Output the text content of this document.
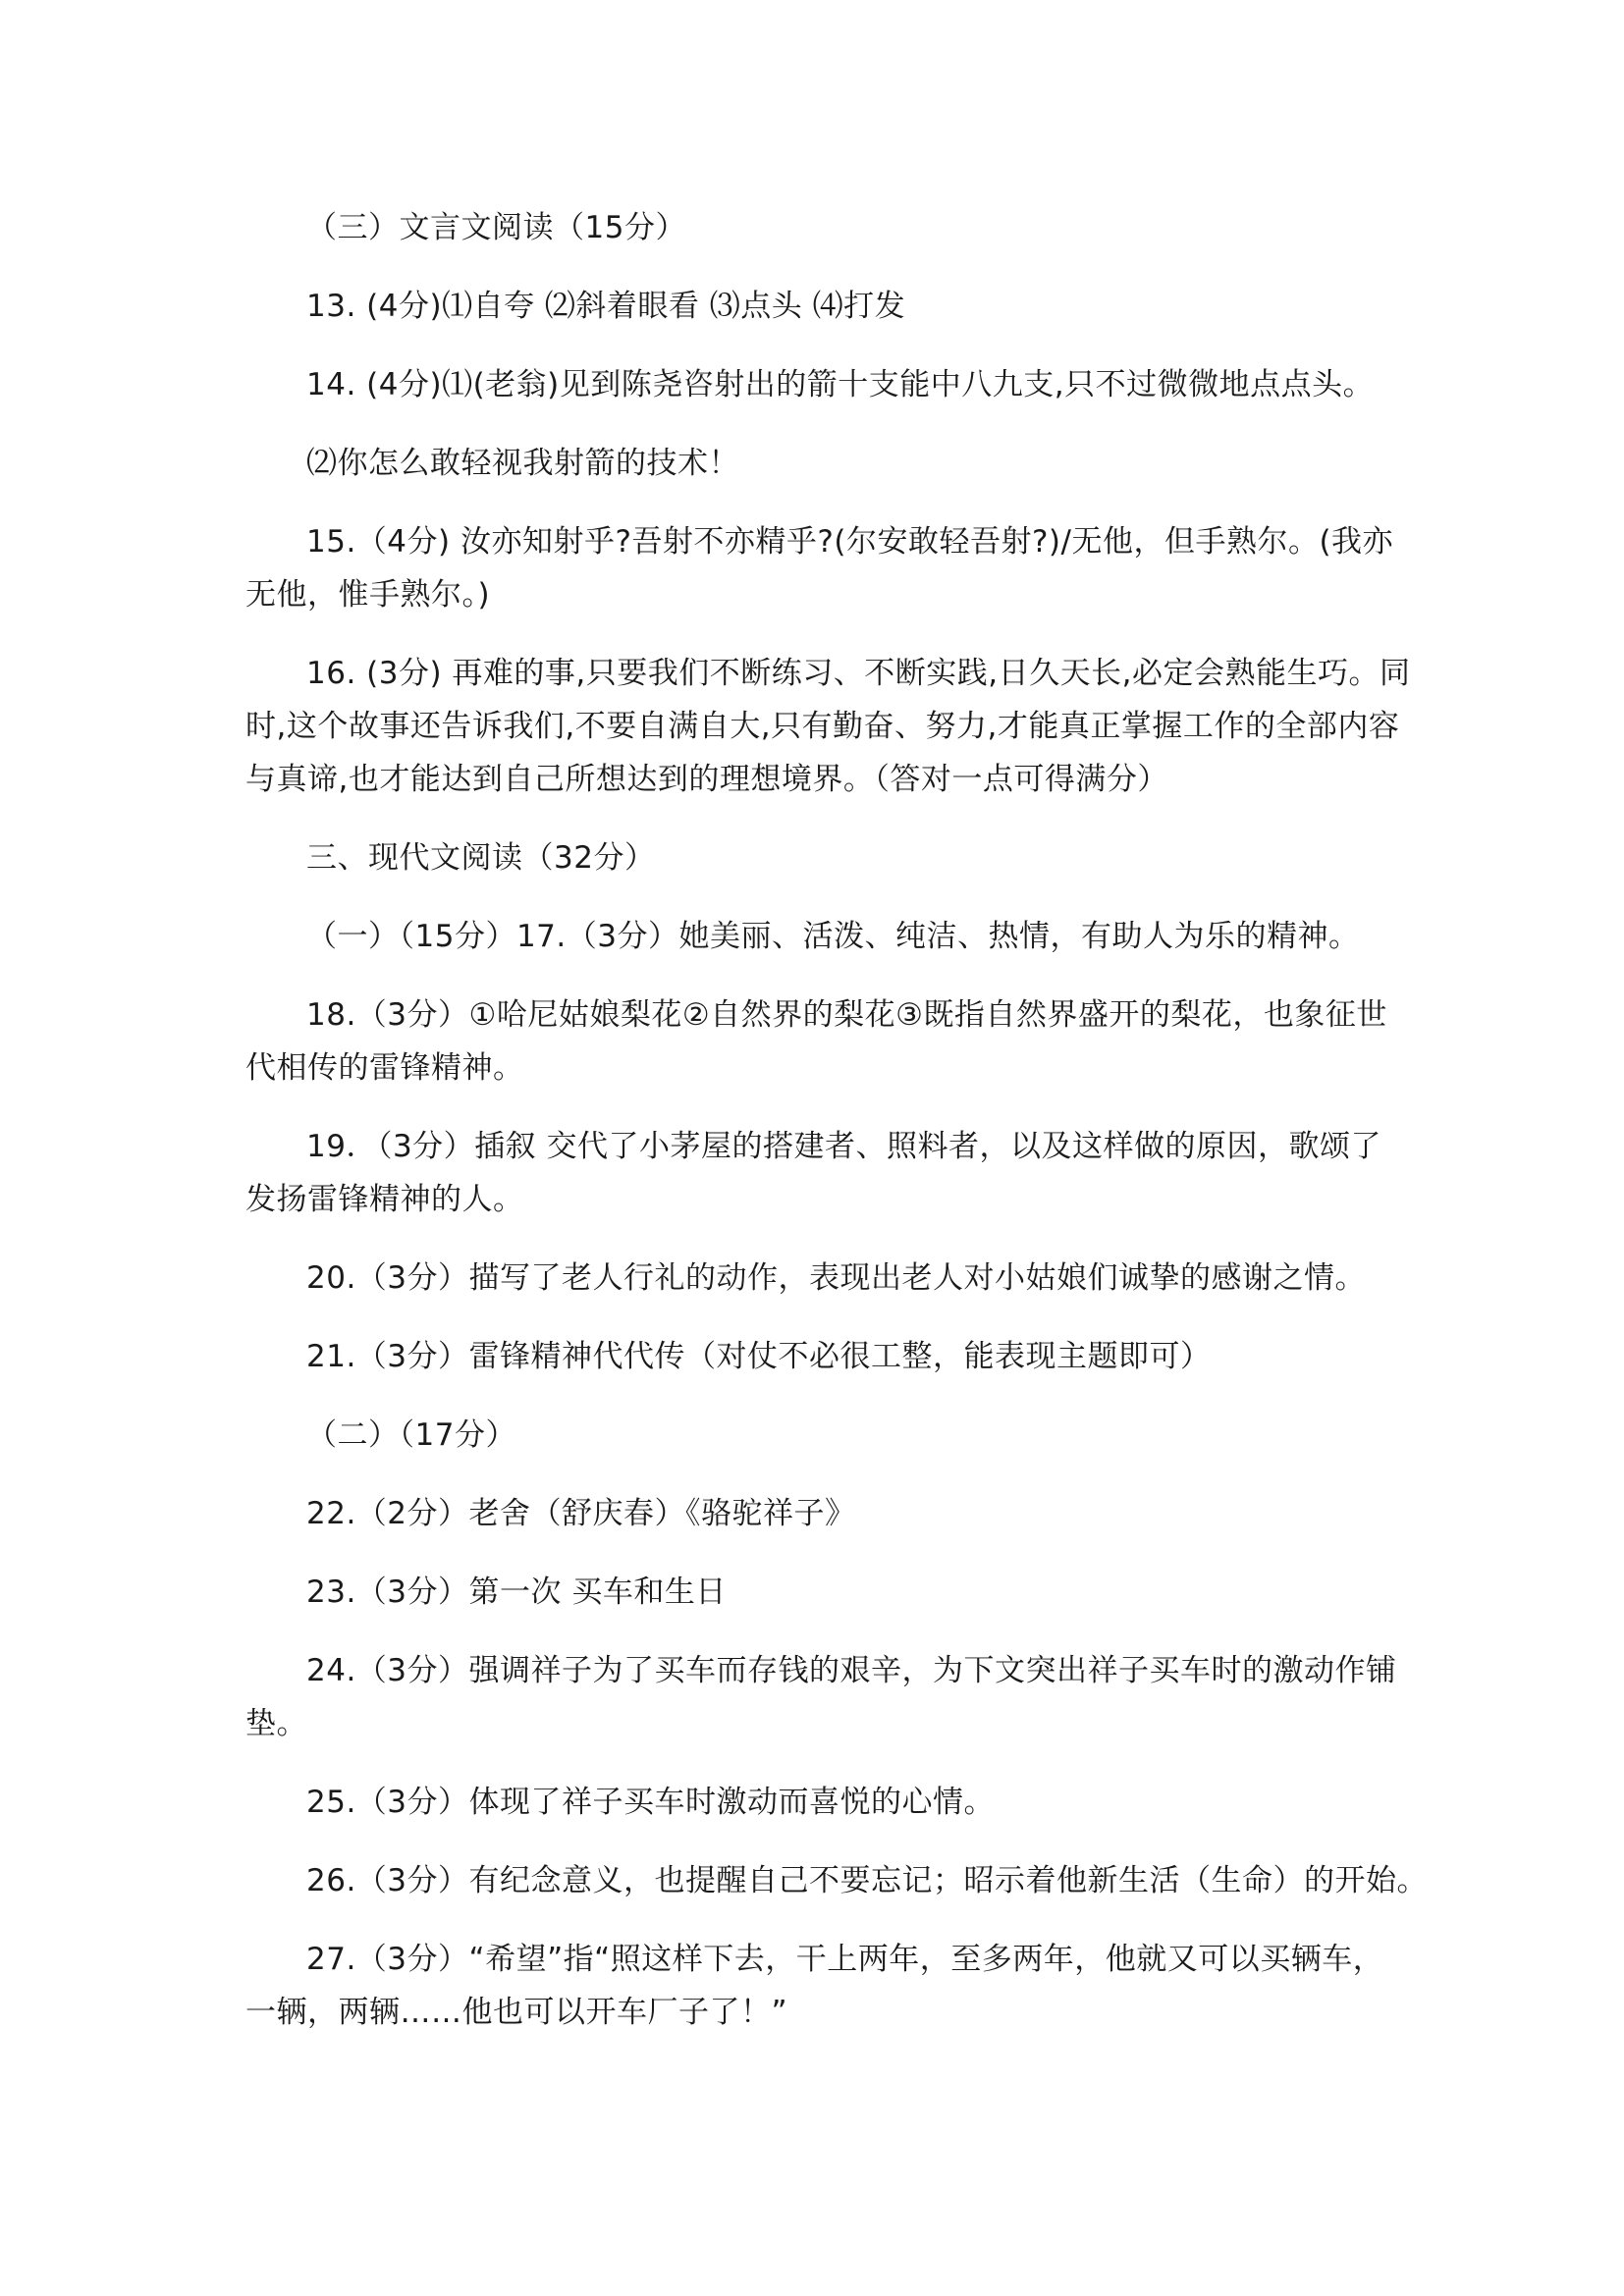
（三）文言文阅读（15分）
13. (4分)⑴自夸 ⑵斜着眼看 ⑶点头 ⑷打发
14. (4分)⑴(老翁)见到陈尧咨射出的箭十支能中八九支,只不过微微地点点头。
⑵你怎么敢轻视我射箭的技术！
15.（4分) 汝亦知射乎?吾射不亦精乎?(尔安敢轻吾射?)/无他，但手熟尔。(我亦
无他，惟手熟尔。)
16. (3分) 再难的事,只要我们不断练习、不断实践,日久天长,必定会熟能生巧。同
时,这个故事还告诉我们,不要自满自大,只有勤奋、努力,才能真正掌握工作的全部内容
与真谛,也才能达到自己所想达到的理想境界。（答对一点可得满分）
三、现代文阅读（32分）
（一）（15分）17.（3分）她美丽、活泼、纯洁、热情，有助人为乐的精神。
18.（3分）①哈尼姑娘梨花②自然界的梨花③既指自然界盛开的梨花，也象征世
代相传的雷锋精神。
19．（3分）插叙 交代了小茅屋的搭建者、照料者，以及这样做的原因，歌颂了
发扬雷锋精神的人。
20.（3分）描写了老人行礼的动作，表现出老人对小姑娘们诚挚的感谢之情。
21.（3分）雷锋精神代代传（对仗不必很工整，能表现主题即可）
（二）（17分）
22.（2分）老舍（舒庆春）《骆驼祥子》
23.（3分）第一次 买车和生日
24.（3分）强调祥子为了买车而存钱的艰辛，为下文突出祥子买车时的激动作铺
垫。
25.（3分）体现了祥子买车时激动而喜悦的心情。
26.（3分）有纪念意义，也提醒自己不要忘记；昭示着他新生活（生命）的开始。
27.（3分）“希望”指“照这样下去，干上两年，至多两年，他就又可以买辆车，
一辆，两辆……他也可以开车厂子了！”
